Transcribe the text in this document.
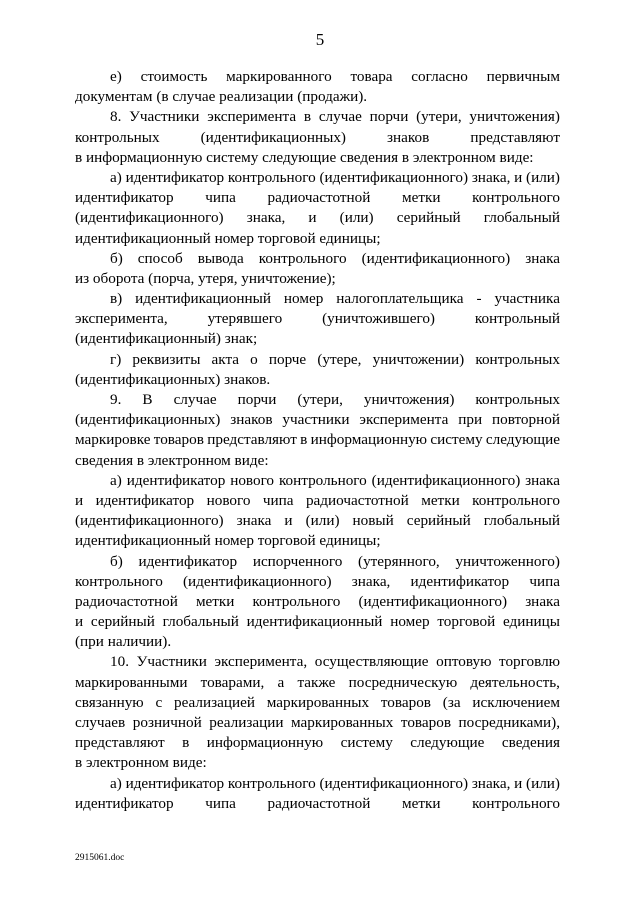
5
е) стоимость маркированного товара согласно первичным
документам (в случае реализации (продажи).
8. Участники эксперимента в случае порчи (утери, уничтожения)
контрольных	(идентификационных)	знаков	представляют
в информационную систему следующие сведения в электронном виде:
а) идентификатор контрольного (идентификационного) знака, и (или)
идентификатор чипа радиочастотной метки контрольного
(идентификационного) знака, и (или) серийный глобальный
идентификационный номер торговой единицы;
б) способ вывода контрольного (идентификационного) знака
из оборота (порча, утеря, уничтожение);
в) идентификационный номер налогоплательщика - участника
эксперимента,	утерявшего	(уничтожившего)	контрольный
(идентификационный) знак;
г) реквизиты акта о порче (утере, уничтожении) контрольных
(идентификационных) знаков.
9. В случае порчи (утери, уничтожения) контрольных
(идентификационных) знаков участники эксперимента при повторной
маркировке товаров представляют в информационную систему следующие
сведения в электронном виде:
а) идентификатор нового контрольного (идентификационного) знака
и идентификатор нового чипа радиочастотной метки контрольного
(идентификационного) знака и (или) новый серийный глобальный
идентификационный номер торговой единицы;
б) идентификатор испорченного (утерянного, уничтоженного)
контрольного (идентификационного) знака, идентификатор чипа
радиочастотной метки контрольного (идентификационного) знака
и серийный глобальный идентификационный номер торговой единицы
(при наличии).
10. Участники эксперимента, осуществляющие оптовую торговлю
маркированными товарами, а также посредническую деятельность,
связанную с реализацией маркированных товаров (за исключением
случаев розничной реализации маркированных товаров посредниками),
представляют в информационную систему следующие сведения
в электронном виде:
а) идентификатор контрольного (идентификационного) знака, и (или)
идентификатор чипа радиочастотной метки контрольного
2915061.doc
